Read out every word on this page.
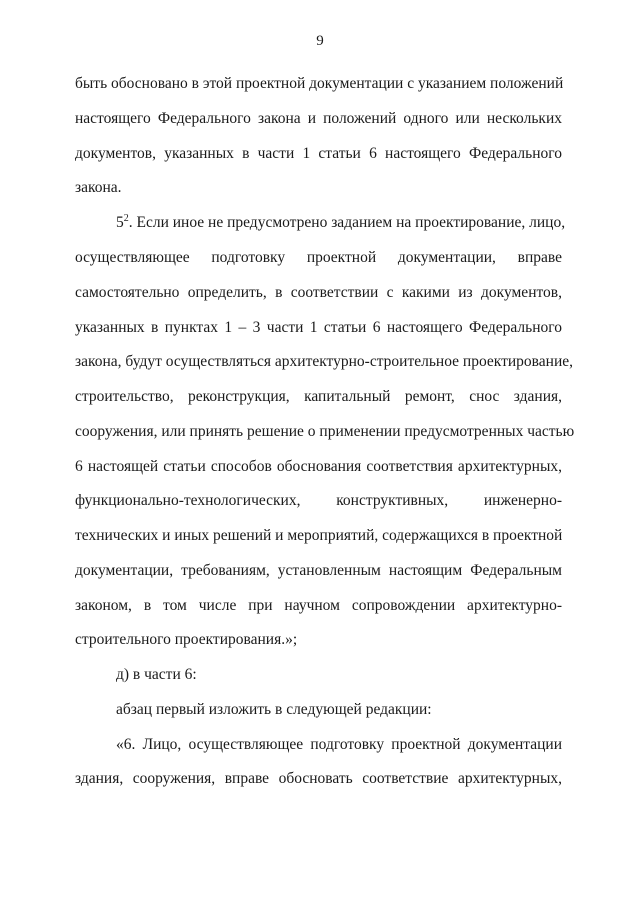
9
быть обосновано в этой проектной документации с указанием положений
настоящего Федерального закона и положений одного или нескольких
документов, указанных в части 1 статьи 6 настоящего Федерального
закона.
$5^2$. Если иное не предусмотрено заданием на проектирование, лицо,
осуществляющее подготовку проектной документации, вправе
самостоятельно определить, в соответствии с какими из документов,
указанных в пунктах 1 – 3 части 1 статьи 6 настоящего Федерального
закона, будут осуществляться архитектурно-строительное проектирование,
строительство, реконструкция, капитальный ремонт, снос здания,
сооружения, или принять решение о применении предусмотренных частью
6 настоящей статьи способов обоснования соответствия архитектурных,
функционально-технологических, конструктивных, инженерно-
технических и иных решений и мероприятий, содержащихся в проектной
документации, требованиям, установленным настоящим Федеральным
законом, в том числе при научном сопровождении архитектурно-
строительного проектирования.»;
д) в части 6:
абзац первый изложить в следующей редакции:
«6. Лицо, осуществляющее подготовку проектной документации
здания, сооружения, вправе обосновать соответствие архитектурных,
